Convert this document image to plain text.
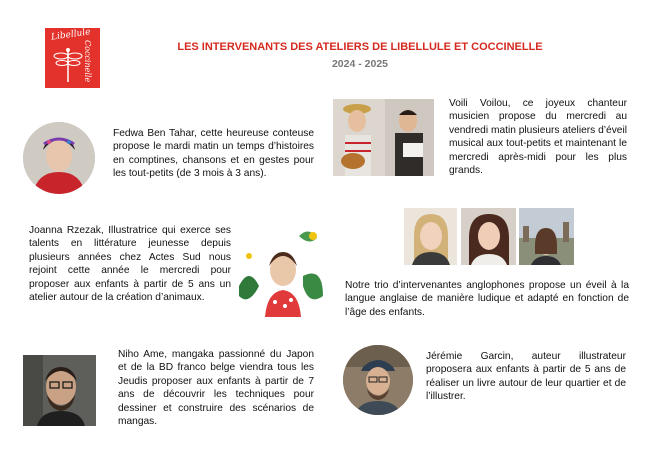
Libellule
Coccinelle	LES INTERVENANTS DES ATELIERS DE LIBELLULE ET COCCINELLE
2024 - 2025
Fedwa Ben Tahar, cette heureuse conteuse propose le mardi matin un temps d’histoires en comptines, chansons et en gestes pour les tout-petits (de 3 mois à 3 ans).
Voili Voilou, ce joyeux chanteur musicien propose du mercredi au vendredi matin plusieurs ateliers d’éveil musical aux tout-petits et maintenant le mercredi après-midi pour les plus grands.
Joanna Rzezak, Illustratrice qui exerce ses talents en littérature jeunesse depuis plusieurs années chez Actes Sud nous rejoint cette année le mercredi pour proposer aux enfants à partir de 5 ans un atelier autour de la création d’animaux.
Notre trio d’intervenantes anglophones propose un éveil à la langue anglaise de manière ludique et adapté en fonction de l’âge des enfants.
Niho Ame, mangaka passionné du Japon et de la BD franco belge viendra tous les Jeudis proposer aux enfants à partir de 7 ans de découvrir les techniques pour dessiner et construire des scénarios de mangas.
Jérémie Garcin, auteur illustrateur proposera aux enfants à partir de 5 ans de réaliser un livre autour de leur quartier et de l’illustrer.
